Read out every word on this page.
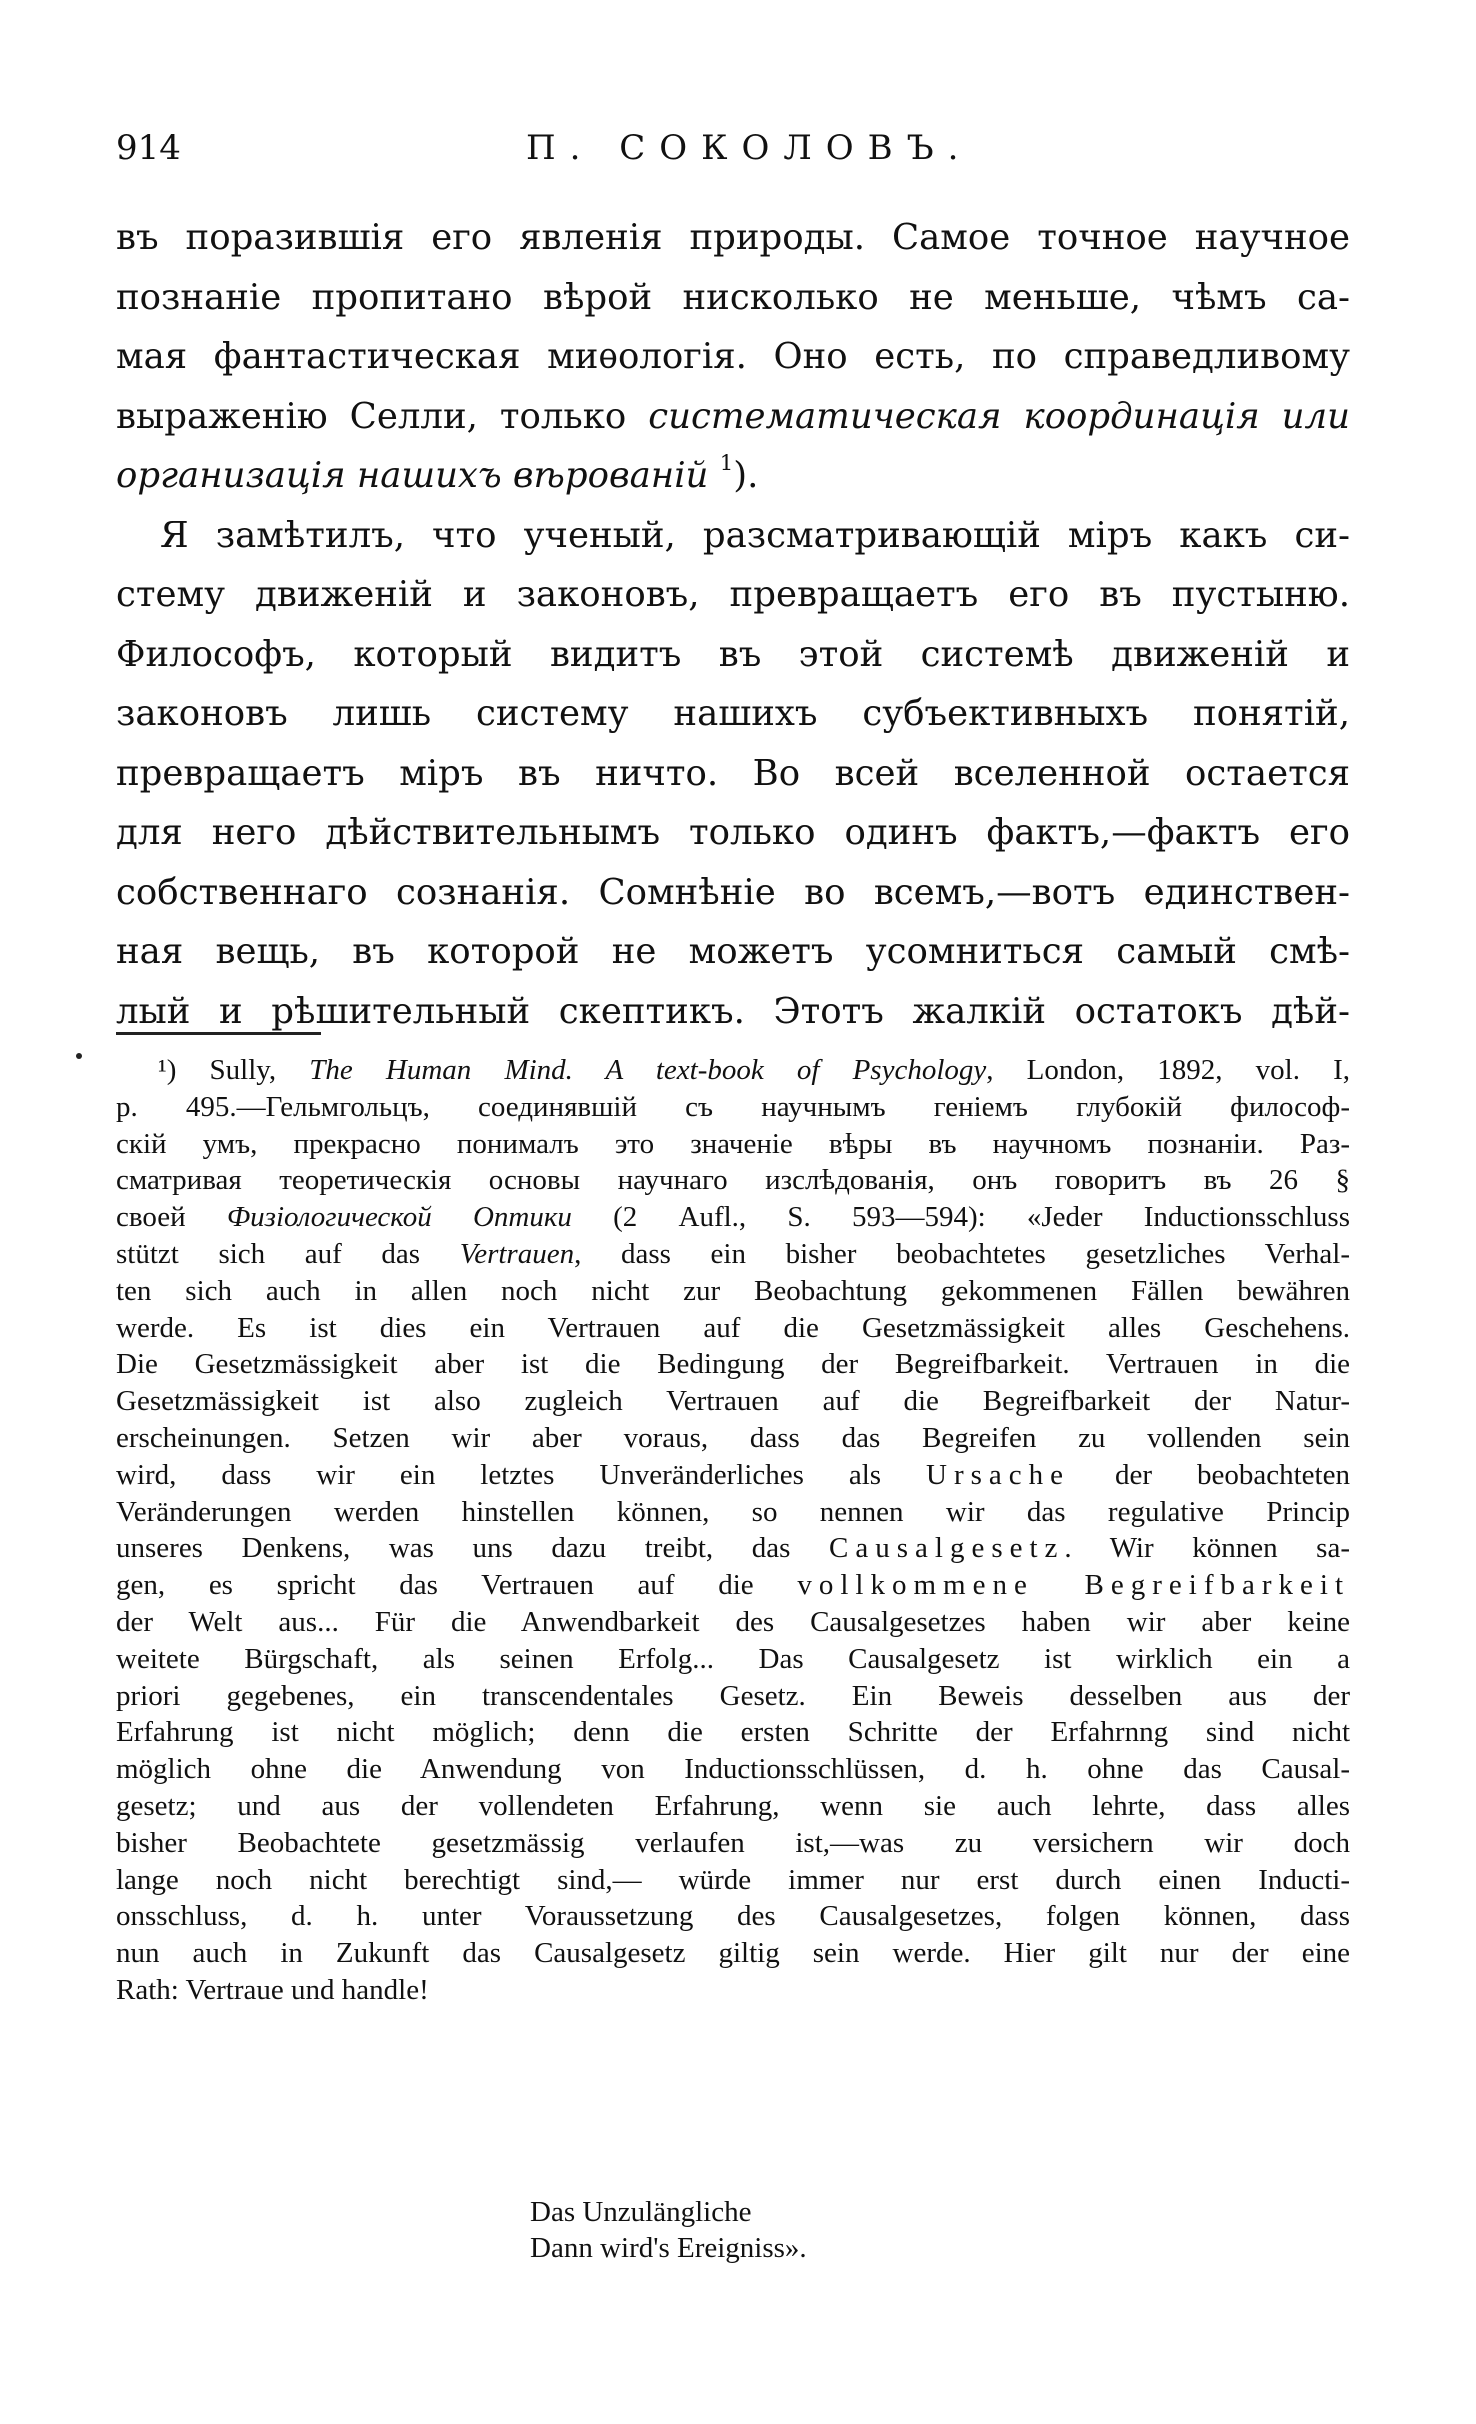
914	П. СОКОЛОВЪ.
въ поразившія его явленія природы. Самое точное научное
познаніе пропитано вѣрой нисколько не меньше, чѣмъ са-
мая фантастическая миѳологія. Оно есть, по справедливому
выраженію Селли, только систематическая координація или
организація нашихъ вѣрованій $^1$).
Я замѣтилъ, что ученый, разсматривающій міръ какъ си-
стему движеній и законовъ, превращаетъ его въ пустыню.
Философъ, который видитъ въ этой системѣ движеній и
законовъ лишь систему нашихъ субъективныхъ понятій,
превращаетъ міръ въ ничто. Во всей вселенной остается
для него дѣйствительнымъ только одинъ фактъ,—фактъ его
собственнаго сознанія. Сомнѣніе во всемъ,—вотъ единствен-
ная вещь, въ которой не можетъ усомниться самый смѣ-
лый и рѣшительный скептикъ. Этотъ жалкій остатокъ дѣй-
¹) Sully, The Human Mind. A text-book of Psychology, London, 1892, vol. I,
p. 495.—Гельмгольцъ, соединявшій съ научнымъ геніемъ глубокій философ-
скій умъ, прекрасно понималъ это значеніе вѣры въ научномъ познаніи. Раз-
сматривая теоретическія основы научнаго изслѣдованія, онъ говоритъ въ 26 §
своей Физіологической Оптики (2 Aufl., S. 593—594): «Jeder Inductionsschluss
stützt sich auf das Vertrauen, dass ein bisher beobachtetes gesetzliches Verhal-
ten sich auch in allen noch nicht zur Beobachtung gekommenen Fällen bewähren
werde. Es ist dies ein Vertrauen auf die Gesetzmässigkeit alles Geschehens.
Die Gesetzmässigkeit aber ist die Bedingung der Begreifbarkeit. Vertrauen in die
Gesetzmässigkeit ist also zugleich Vertrauen auf die Begreifbarkeit der Natur-
erscheinungen. Setzen wir aber voraus, dass das Begreifen zu vollenden sein
wird, dass wir ein letztes Unveränderliches als Ursache der beobachteten
Veränderungen werden hinstellen können, so nennen wir das regulative Princip
unseres Denkens, was uns dazu treibt, das Causalgesetz. Wir können sa-
gen, es spricht das Vertrauen auf die vollkommene Begreifbarkeit
der Welt aus... Für die Anwendbarkeit des Causalgesetzes haben wir aber keine
weitete Bürgschaft, als seinen Erfolg... Das Causalgesetz ist wirklich ein a
priori gegebenes, ein transcendentales Gesetz. Ein Beweis desselben aus der
Erfahrung ist nicht möglich; denn die ersten Schritte der Erfahrnng sind nicht
möglich ohne die Anwendung von Inductionsschlüssen, d. h. ohne das Causal-
gesetz; und aus der vollendeten Erfahrung, wenn sie auch lehrte, dass alles
bisher Beobachtete gesetzmässig verlaufen ist,—was zu versichern wir doch
lange noch nicht berechtigt sind,— würde immer nur erst durch einen Inducti-
onsschluss, d. h. unter Voraussetzung des Causalgesetzes, folgen können, dass
nun auch in Zukunft das Causalgesetz giltig sein werde. Hier gilt nur der eine
Rath: Vertraue und handle!
Das Unzulängliche
Dann wird's Ereigniss».
